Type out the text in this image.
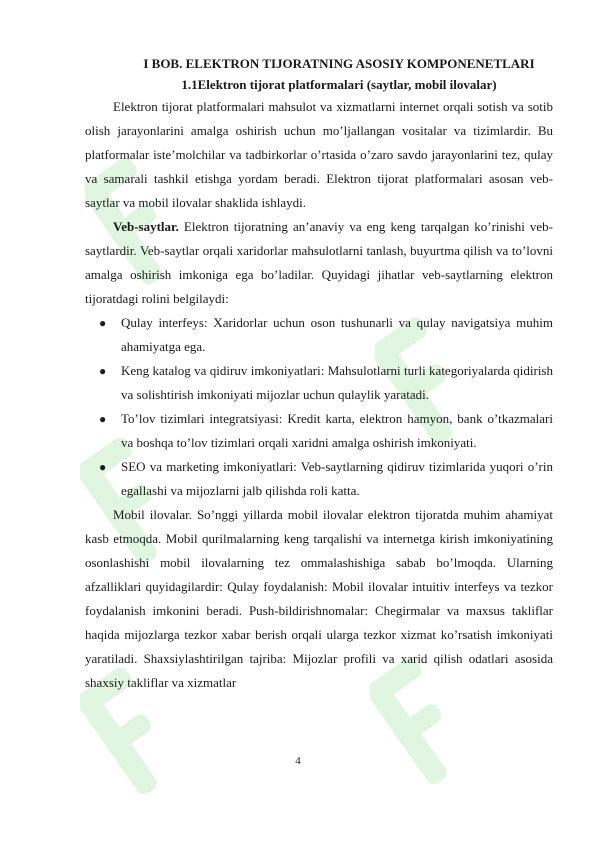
I BOB. ELEKTRON TIJORATNING ASOSIY KOMPONENETLARI
1.1Elektron tijorat platformalari (saytlar, mobil ilovalar)

Elektron tijorat platformalari mahsulot va xizmatlarni internet orqali sotish va sotib olish jarayonlarini amalga oshirish uchun mo’ljallangan vositalar va tizimlardir. Bu platformalar iste’molchilar va tadbirkorlar o’rtasida o’zaro savdo jarayonlarini tez, qulay va samarali tashkil etishga yordam beradi. Elektron tijorat platformalari asosan veb-saytlar va mobil ilovalar shaklida ishlaydi.

Veb-saytlar. Elektron tijoratning an’anaviy va eng keng tarqalgan ko’rinishi veb-saytlardir. Veb-saytlar orqali xaridorlar mahsulotlarni tanlash, buyurtma qilish va to’lovni amalga oshirish imkoniga ega bo’ladilar. Quyidagi jihatlar veb-saytlarning elektron tijoratdagi rolini belgilaydi:

● Qulay interfeys: Xaridorlar uchun oson tushunarli va qulay navigatsiya muhim ahamiyatga ega.
● Keng katalog va qidiruv imkoniyatlari: Mahsulotlarni turli kategoriyalarda qidirish va solishtirish imkoniyati mijozlar uchun qulaylik yaratadi.
● To’lov tizimlari integratsiyasi: Kredit karta, elektron hamyon, bank o’tkazmalari va boshqa to’lov tizimlari orqali xaridni amalga oshirish imkoniyati.
● SEO va marketing imkoniyatlari: Veb-saytlarning qidiruv tizimlarida yuqori o’rin egallashi va mijozlarni jalb qilishda roli katta.

Mobil ilovalar. So’nggi yillarda mobil ilovalar elektron tijoratda muhim ahamiyat kasb etmoqda. Mobil qurilmalarning keng tarqalishi va internetga kirish imkoniyatining osonlashishi mobil ilovalarning tez ommalashishiga sabab bo’lmoqda. Ularning afzalliklari quyidagilardir: Qulay foydalanish: Mobil ilovalar intuitiv interfeys va tezkor foydalanish imkonini beradi. Push-bildirishnomalar: Chegirmalar va maxsus takliflar haqida mijozlarga tezkor xabar berish orqali ularga tezkor xizmat ko’rsatish imkoniyati yaratiladi. Shaxsiylashtirilgan tajriba: Mijozlar profili va xarid qilish odatlari asosida shaxsiy takliflar va xizmatlar

4
